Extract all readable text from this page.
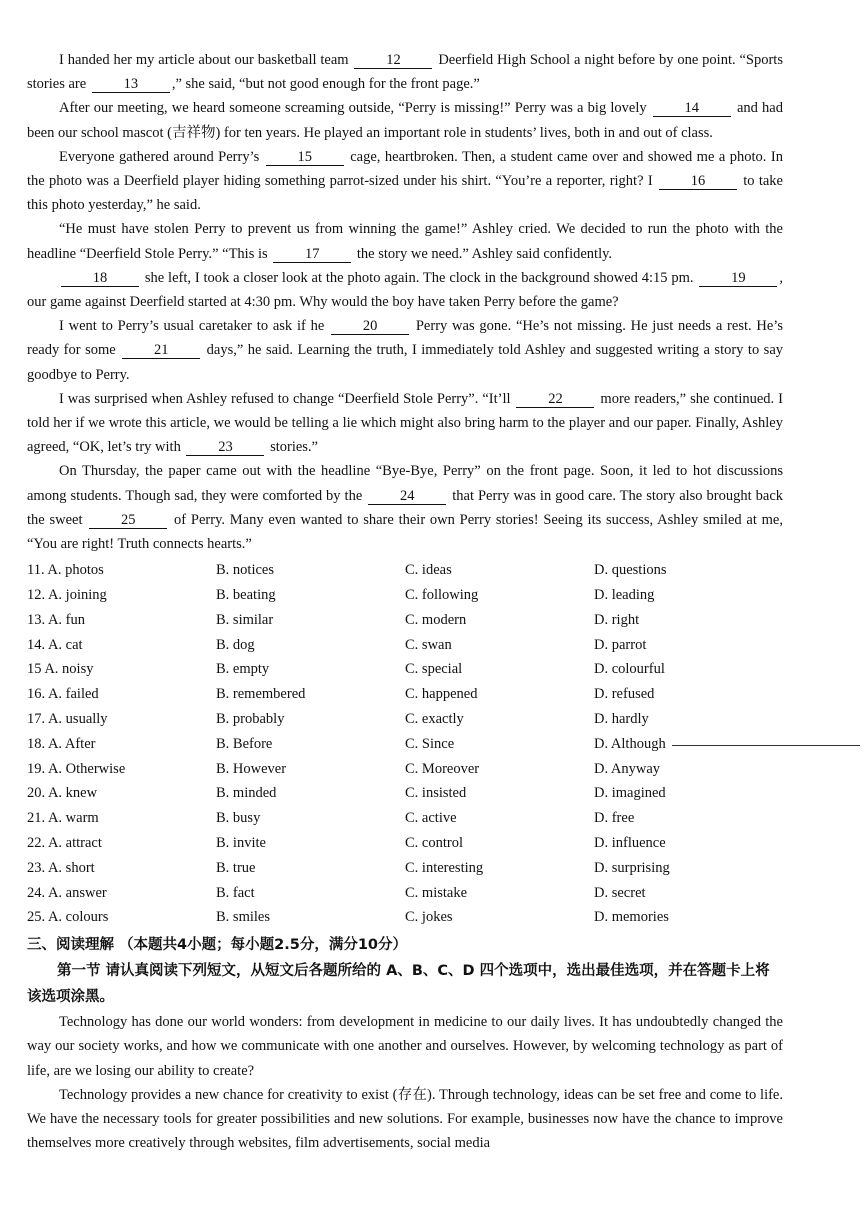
I handed her my article about our basketball team 12 Deerfield High School a night before by one point. “Sports stories are 13 ,” she said, “but not good enough for the front page.”

After our meeting, we heard someone screaming outside, “Perry is missing!” Perry was a big lovely 14 and had been our school mascot (吉祥物) for ten years. He played an important role in students’ lives, both in and out of class.

Everyone gathered around Perry’s 15 cage, heartbroken. Then, a student came over and showed me a photo. In the photo was a Deerfield player hiding something parrot-sized under his shirt. “You’re a reporter, right? I 16 to take this photo yesterday,” he said.

“He must have stolen Perry to prevent us from winning the game!” Ashley cried. We decided to run the photo with the headline “Deerfield Stole Perry.” “This is 17 the story we need.” Ashley said confidently.

18 she left, I took a closer look at the photo again. The clock in the background showed 4:15 pm. 19 , our game against Deerfield started at 4:30 pm. Why would the boy have taken Perry before the game?

I went to Perry’s usual caretaker to ask if he 20 Perry was gone. “He’s not missing. He just needs a rest. He’s ready for some 21 days,” he said. Learning the truth, I immediately told Ashley and suggested writing a story to say goodbye to Perry.

I was surprised when Ashley refused to change “Deerfield Stole Perry”. “It’ll 22 more readers,” she continued. I told her if we wrote this article, we would be telling a lie which might also bring harm to the player and our paper. Finally, Ashley agreed, “OK, let’s try with 23 stories.”

On Thursday, the paper came out with the headline “Bye-Bye, Perry” on the front page. Soon, it led to hot discussions among students. Though sad, they were comforted by the 24 that Perry was in good care. The story also brought back the sweet 25 of Perry. Many even wanted to share their own Perry stories! Seeing its success, Ashley smiled at me, “You are right! Truth connects hearts.”

11. A. photos	B. notices	C. ideas	D. questions
12. A. joining	B. beating	C. following	D. leading
13. A. fun	B. similar	C. modern	D. right
14. A. cat	B. dog	C. swan	D. parrot
15 A. noisy	B. empty	C. special	D. colourful
16. A. failed	B. remembered	C. happened	D. refused
17. A. usually	B. probably	C. exactly	D. hardly
18. A. After	B. Before	C. Since	D. Although
19. A. Otherwise	B. However	C. Moreover	D. Anyway
20. A. knew	B. minded	C. insisted	D. imagined
21. A. warm	B. busy	C. active	D. free
22. A. attract	B. invite	C. control	D. influence
23. A. short	B. true	C. interesting	D. surprising
24. A. answer	B. fact	C. mistake	D. secret
25. A. colours	B. smiles	C. jokes	D. memories
三、阅读理解 （本题共4小题；每小题2.5分，满分10分）
第一节 请认真阅读下列短文，从短文后各题所给的 A、B、C、D 四个选项中，选出最佳选项，并在答题卡上将该选项涂黑。

Technology has done our world wonders: from development in medicine to our daily lives. It has undoubtedly changed the way our society works, and how we communicate with one another and ourselves. However, by welcoming technology as part of life, are we losing our ability to create?

Technology provides a new chance for creativity to exist (存在). Through technology, ideas can be set free and come to life. We have the necessary tools for greater possibilities and new solutions. For example, businesses now have the chance to improve themselves more creatively through websites, film advertisements, social media
